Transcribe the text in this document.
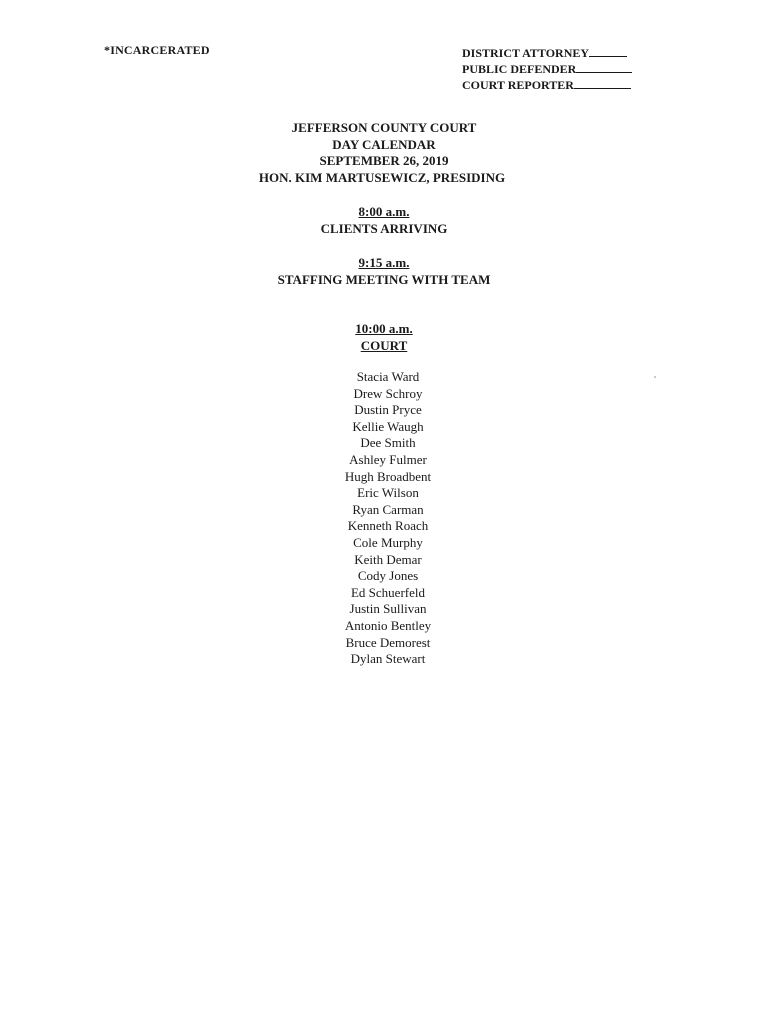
*INCARCERATED	DISTRICT ATTORNEY
PUBLIC DEFENDER
COURT REPORTER
JEFFERSON COUNTY COURT
DAY CALENDAR
SEPTEMBER 26, 2019
HON. KIM MARTUSEWICZ, PRESIDING
8:00 a.m.
CLIENTS ARRIVING
9:15 a.m.
STAFFING MEETING WITH TEAM
10:00 a.m.
COURT
Stacia Ward
Drew Schroy
Dustin Pryce
Kellie Waugh
Dee Smith
Ashley Fulmer
Hugh Broadbent
Eric Wilson
Ryan Carman
Kenneth Roach
Cole Murphy
Keith Demar
Cody Jones
Ed Schuerfeld
Justin Sullivan
Antonio Bentley
Bruce Demorest
Dylan Stewart
